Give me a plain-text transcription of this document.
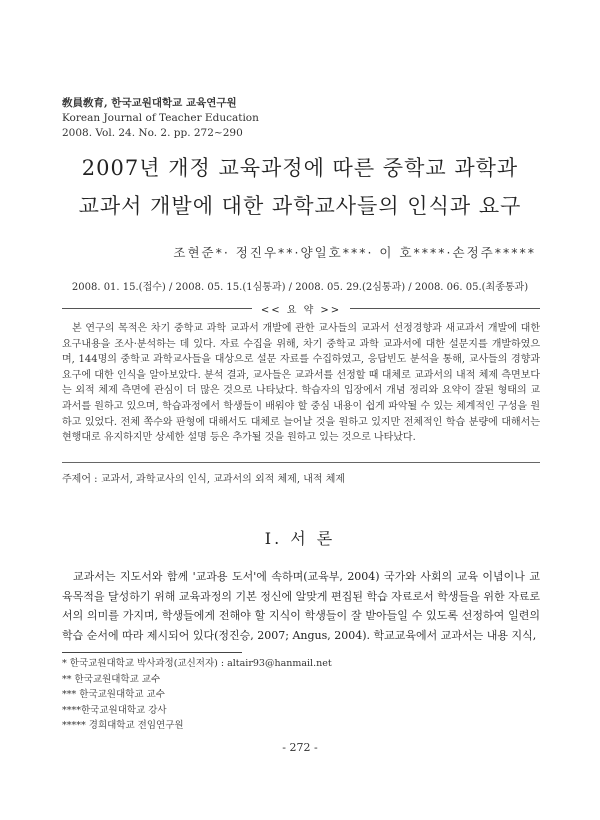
敎員敎育, 한국교원대학교 교육연구원
Korean Journal of Teacher Education
2008. Vol. 24. No. 2. pp. 272~290
2007년 개정 교육과정에 따른 중학교 과학과
교과서 개발에 대한 과학교사들의 인식과 요구
조현준*· 정진우**·양일호***· 이 호****·손정주*****
2008. 01. 15.(접수) / 2008. 05. 15.(1심통과) / 2008. 05. 29.(2심통과) / 2008. 06. 05.(최종통과)
<< 요 약 >>
본 연구의 목적은 차기 중학교 과학 교과서 개발에 관한 교사들의 교과서 선정경향과 새교과서 개발에 대한 요구내용을 조사·분석하는 데 있다. 자료 수집을 위해, 차기 중학교 과학 교과서에 대한 설문지를 개발하였으며, 144명의 중학교 과학교사들을 대상으로 설문 자료를 수집하였고, 응답빈도 분석을 통해, 교사들의 경향과 요구에 대한 인식을 알아보았다. 분석 결과, 교사들은 교과서를 선정할 때 대체로 교과서의 내적 체제 측면보다는 외적 체제 측면에 관심이 더 많은 것으로 나타났다. 학습자의 입장에서 개념 정리와 요약이 잘된 형태의 교과서를 원하고 있으며, 학습과정에서 학생들이 배워야 할 중심 내용이 쉽게 파악될 수 있는 체계적인 구성을 원하고 있었다. 전체 쪽수와 판형에 대해서도 대체로 늘어날 것을 원하고 있지만 전체적인 학습 분량에 대해서는 현행대로 유지하지만 상세한 설명 등은 추가될 것을 원하고 있는 것으로 나타났다.
주제어 : 교과서, 과학교사의 인식, 교과서의 외적 체제, 내적 체제
Ⅰ. 서 론
교과서는 지도서와 함께 '교과용 도서'에 속하며(교육부, 2004) 국가와 사회의 교육 이념이나 교육목적을 달성하기 위해 교육과정의 기본 정신에 알맞게 편집된 학습 자료로서 학생들을 위한 자료로서의 의미를 가지며, 학생들에게 전해야 할 지식이 학생들이 잘 받아들일 수 있도록 선정하여 일련의 학습 순서에 따라 제시되어 있다(정진승, 2007; Angus, 2004). 학교교육에서 교과서는 내용 지식,
* 한국교원대학교 박사과정(교신저자) : altair93@hanmail.net
** 한국교원대학교 교수
*** 한국교원대학교 교수
****한국교원대학교 강사
***** 경희대학교 전임연구원
- 272 -
